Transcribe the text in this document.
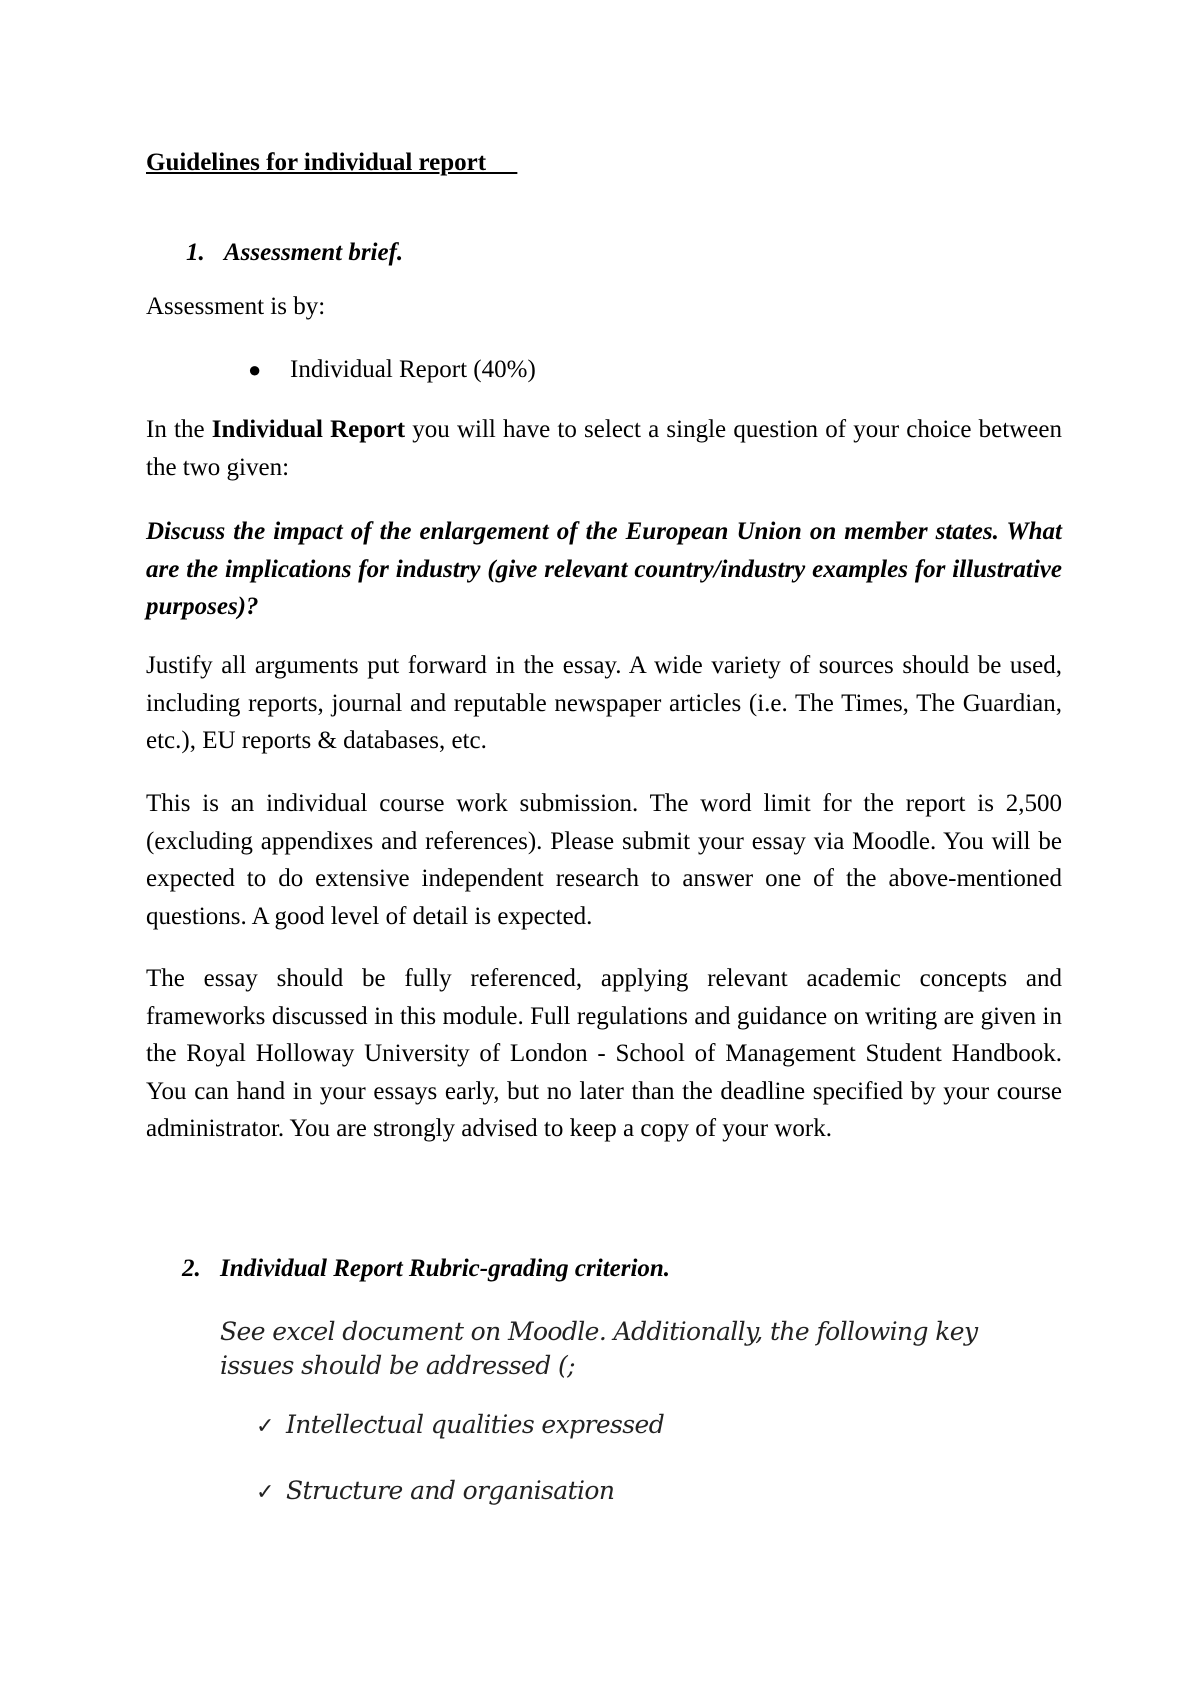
Guidelines for individual report
1. Assessment brief.
Assessment is by:
● Individual Report (40%)
In the Individual Report you will have to select a single question of your choice between the two given:
Discuss the impact of the enlargement of the European Union on member states. What are the implications for industry (give relevant country/industry examples for illustrative purposes)?
Justify all arguments put forward in the essay. A wide variety of sources should be used, including reports, journal and reputable newspaper articles (i.e. The Times, The Guardian, etc.), EU reports & databases, etc.
This is an individual course work submission. The word limit for the report is 2,500 (excluding appendixes and references). Please submit your essay via Moodle. You will be expected to do extensive independent research to answer one of the above-mentioned questions. A good level of detail is expected.
The essay should be fully referenced, applying relevant academic concepts and frameworks discussed in this module. Full regulations and guidance on writing are given in the Royal Holloway University of London - School of Management Student Handbook. You can hand in your essays early, but no later than the deadline specified by your course administrator. You are strongly advised to keep a copy of your work.
2. Individual Report Rubric-grading criterion.
See excel document on Moodle. Additionally, the following key issues should be addressed (;
✓ Intellectual qualities expressed
✓ Structure and organisation
